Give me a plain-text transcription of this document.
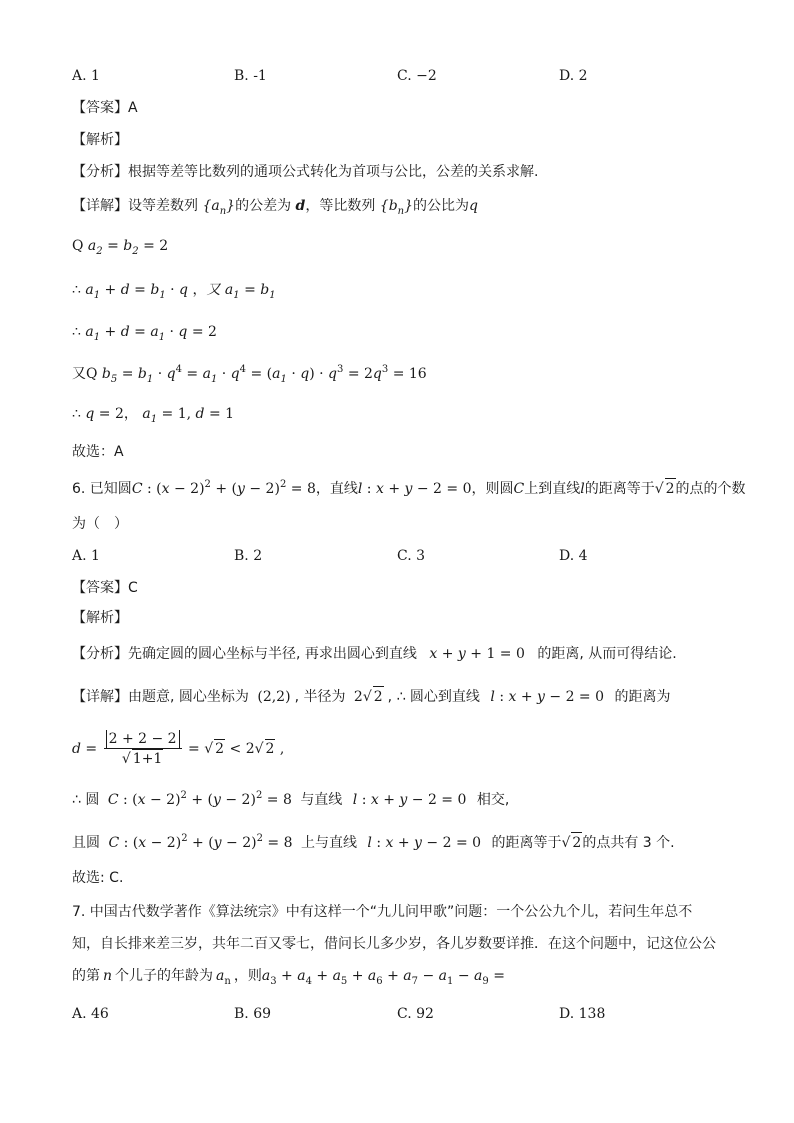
A. 1	B. -1	C. −2	D. 2
【答案】A
【解析】
【分析】根据等差等比数列的通项公式转化为首项与公比，公差的关系求解.
【详解】设等差数列 $\{a_n\}$的公差为 d，等比数列 $\{b_n\}$的公比为q
Q $a_2 = b_2 = 2$
∴ $a_1 + d = b_1 \cdot q$ ，又 $a_1 = b_1$
∴ $a_1 + d = a_1 \cdot q = 2$
又Q $b_5 = b_1 \cdot q^4 = a_1 \cdot q^4 = (a_1 \cdot q) \cdot q^3 = 2q^3 = 16$
∴ q = 2， $a_1 = 1$, d = 1
故选：A
6. 已知圆C : $(x - 2)^2 + (y - 2)^2 = 8$，直线l : x + y − 2 = 0，则圆C上到直线l的距离等于√ 2的点的个数
为（　）
A. 1	B. 2	C. 3	D. 4
【答案】C
【解析】
【分析】先确定圆的圆心坐标与半径, 再求出圆心到直线 x + y + 1 = 0 的距离, 从而可得结论.
【详解】由题意, 圆心坐标为 (2,2) , 半径为 2√ 2 , ∴ 圆心到直线 l : x + y − 2 = 0 的距离为
$d = \frac{2 + 2 - 2}{√ 1+1}$ = √ 2 < 2√ 2 ,
∴ 圆 C : $(x - 2)^2 + (y - 2)^2 = 8$ 与直线 l : x + y − 2 = 0 相交,
且圆 C : $(x - 2)^2 + (y - 2)^2 = 8$ 上与直线 l : x + y − 2 = 0 的距离等于√ 2的点共有 3 个.
故选: C.
7. 中国古代数学著作《算法统宗》中有这样一个“九儿问甲歌”问题：一个公公九个儿，若问生年总不
知，自长排来差三岁，共年二百又零七，借问长儿多少岁，各儿岁数要详推．在这个问题中，记这位公公
的第 n 个儿子的年龄为 $a_n$ ，则$a_3 + a_4 + a_5 + a_6 + a_7 - a_1 - a_9$ =
A. 46	B. 69	C. 92	D. 138
